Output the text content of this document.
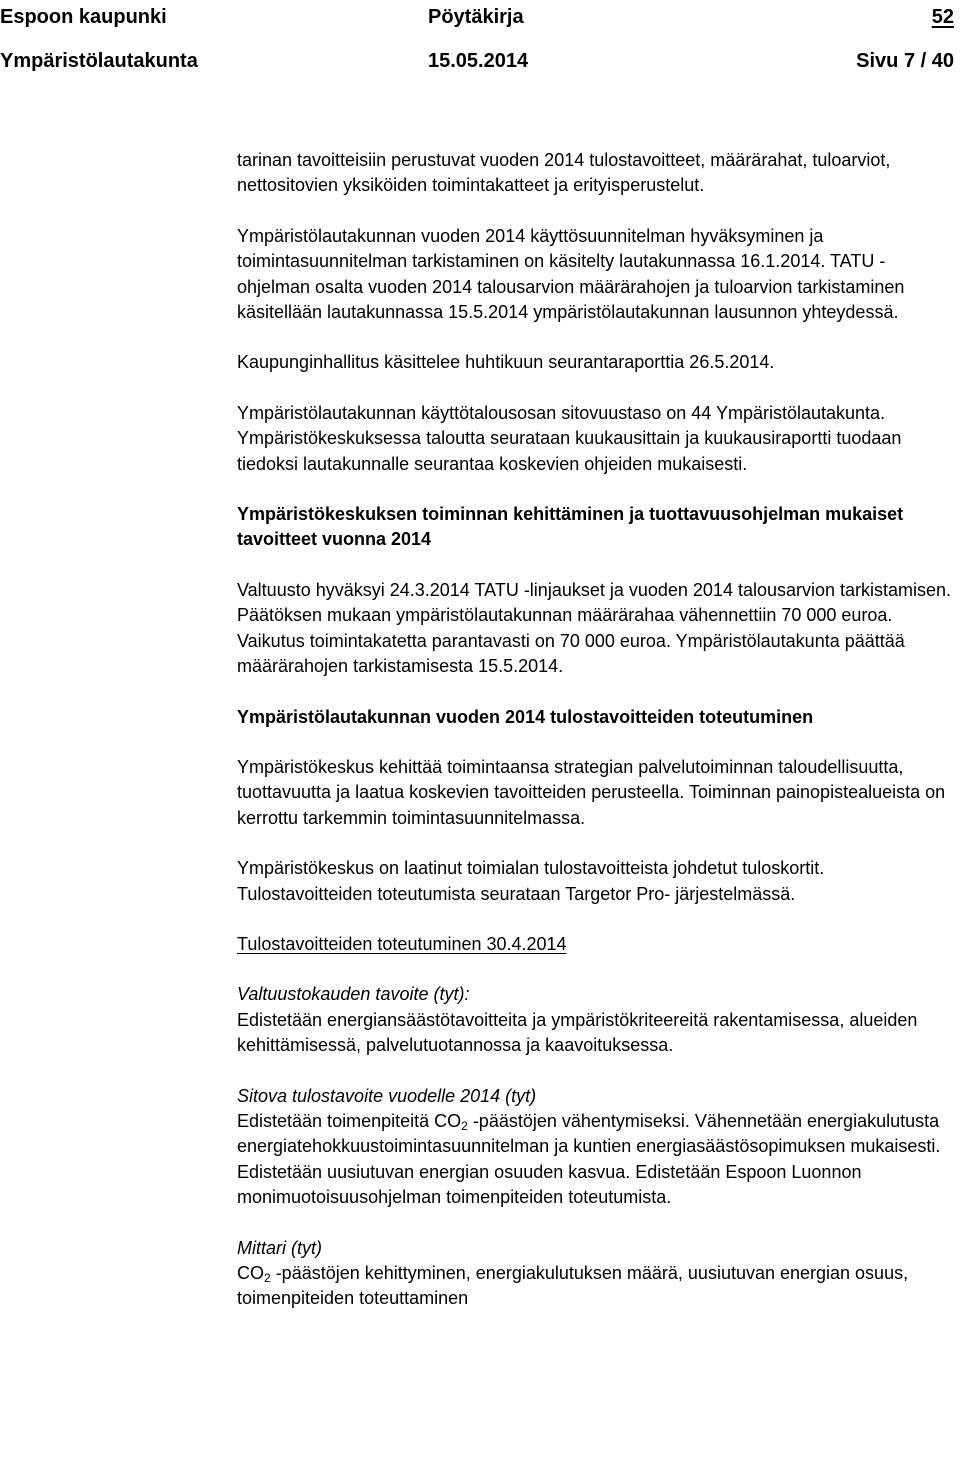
Espoon kaupunki	Pöytäkirja	52
Ympäristölautakunta	15.05.2014	Sivu 7 / 40

tarinan tavoitteisiin perustuvat vuoden 2014 tulostavoitteet, määrärahat, tuloarviot, nettositovien yksiköiden toimintakatteet ja erityisperustelut.

Ympäristölautakunnan vuoden 2014 käyttösuunnitelman hyväksyminen ja toimintasuunnitelman tarkistaminen on käsitelty lautakunnassa 16.1.2014. TATU -ohjelman osalta vuoden 2014 talousarvion määrärahojen ja tuloarvion tarkistaminen käsitellään lautakunnassa 15.5.2014 ympäristölautakunnan lausunnon yhteydessä.

Kaupunginhallitus käsittelee huhtikuun seurantaraporttia 26.5.2014.

Ympäristölautakunnan käyttötalousosan sitovuustaso on 44 Ympäristölautakunta. Ympäristökeskuksessa taloutta seurataan kuukausittain ja kuukausiraportti tuodaan tiedoksi lautakunnalle seurantaa koskevien ohjeiden mukaisesti.

Ympäristökeskuksen toiminnan kehittäminen ja tuottavuusohjelman mukaiset tavoitteet vuonna 2014

Valtuusto hyväksyi 24.3.2014 TATU -linjaukset ja vuoden 2014 talousarvion tarkistamisen. Päätöksen mukaan ympäristölautakunnan määrärahaa vähennettiin 70 000 euroa. Vaikutus toimintakatetta parantavasti on 70 000 euroa. Ympäristölautakunta päättää määrärahojen tarkistamisesta 15.5.2014.

Ympäristölautakunnan vuoden 2014 tulostavoitteiden toteutuminen

Ympäristökeskus kehittää toimintaansa strategian palvelutoiminnan taloudellisuutta, tuottavuutta ja laatua koskevien tavoitteiden perusteella. Toiminnan painopistealueista on kerrottu tarkemmin toimintasuunnitelmassa.

Ympäristökeskus on laatinut toimialan tulostavoitteista johdetut tuloskortit. Tulostavoitteiden toteutumista seurataan Targetor Pro- järjestelmässä.

Tulostavoitteiden toteutuminen 30.4.2014

Valtuustokauden tavoite (tyt):

Edistetään energiansäästötavoitteita ja ympäristökriteereitä rakentamisessa, alueiden kehittämisessä, palvelutuotannossa ja kaavoituksessa.

Sitova tulostavoite vuodelle 2014 (tyt)

Edistetään toimenpiteitä $CO_2$ -päästöjen vähentymiseksi. Vähennetään energiakulutusta energiatehokkuustoimintasuunnitelman ja kuntien energiasäästösopimuksen mukaisesti.

Edistetään uusiutuvan energian osuuden kasvua. Edistetään Espoon Luonnon monimuotoisuusohjelman toimenpiteiden toteutumista.

Mittari (tyt)

$CO_2$ -päästöjen kehittyminen, energiakulutuksen määrä, uusiutuvan energian osuus, toimenpiteiden toteuttaminen
